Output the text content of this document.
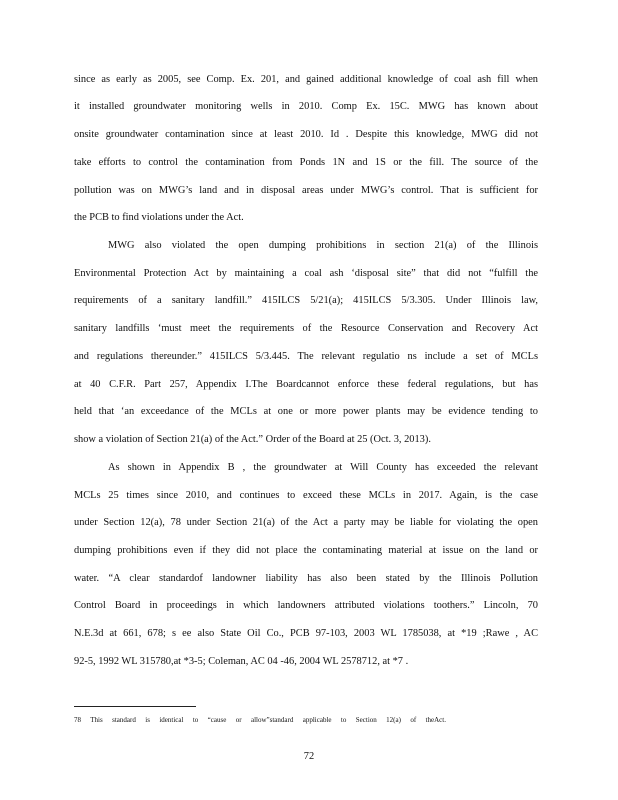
since as early as 2005, see Comp. Ex. 201, and gained additional knowledge of coal ash fill when

it installed groundwater monitoring wells in 2010. Comp Ex. 15C. MWG has known about

onsite groundwater contamination since at least 2010. Id . Despite this knowledge, MWG did not

take efforts to control the contamination from Ponds 1N and 1S or the fill. The source of the

pollution was on MWG’s land and in disposal areas under MWG’s control. That is sufficient for

the PCB to find violations under the Act.

MWG also violated the open dumping prohibitions in section 21(a) of the Illinois

Environmental Protection Act by maintaining a coal ash ‘disposal site” that did not “fulfill the

requirements of a sanitary landfill.” 415ILCS 5/21(a); 415ILCS 5/3.305. Under Illinois law,

sanitary landfills ‘must meet the requirements of the Resource Conservation and Recovery Act

and regulations thereunder.” 415ILCS 5/3.445. The relevant regulatio ns include a set of MCLs

at 40 C.F.R. Part 257, Appendix I.The Boardcannot enforce these federal regulations, but has

held that ‘an exceedance of the MCLs at one or more power plants may be evidence tending to

show a violation of Section 21(a) of the Act.” Order of the Board at 25 (Oct. 3, 2013).

As shown in Appendix B , the groundwater at Will County has exceeded the relevant

MCLs 25 times since 2010, and continues to exceed these MCLs in 2017. Again, is the case

under Section 12(a), 78 under Section 21(a) of the Act a party may be liable for violating the open

dumping prohibitions even if they did not place the contaminating material at issue on the land or

water. “A clear standardof landowner liability has also been stated by the Illinois Pollution

Control Board in proceedings in which landowners attributed violations toothers.” Lincoln, 70

N.E.3d at 661, 678; s ee also State Oil Co., PCB 97-103, 2003 WL 1785038, at *19 ;Rawe , AC

92-5, 1992 WL 315780,at *3-5; Coleman, AC 04 -46, 2004 WL 2578712, at *7 .

78 This standard is identical to “cause or allow”standard applicable to Section 12(a) of theAct.

72
